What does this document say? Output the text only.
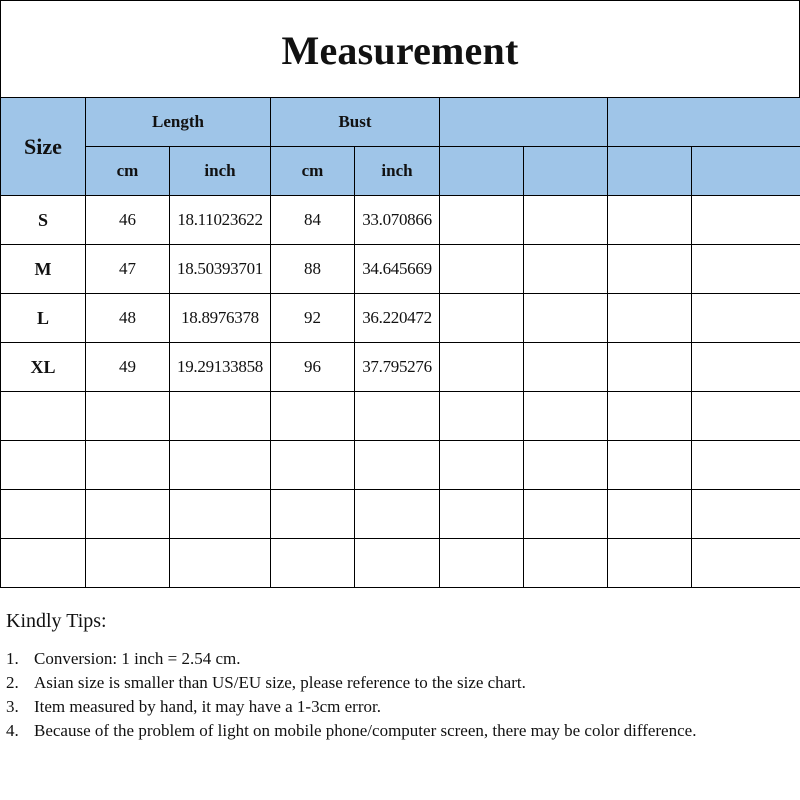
Measurement
Size	Length		Bust					
	cm	inch	cm	inch				
S	46	18.11023622	84	33.070866				
M	47	18.50393701	88	34.645669				
L	48	18.8976378	92	36.220472				
XL	49	19.29133858	96	37.795276				

Kindly Tips:
1. Conversion: 1 inch = 2.54 cm.
2. Asian size is smaller than US/EU size, please reference to the size chart.
3. Item measured by hand, it may have a 1-3cm error.
4. Because of the problem of light on mobile phone/computer screen, there may be color difference.
